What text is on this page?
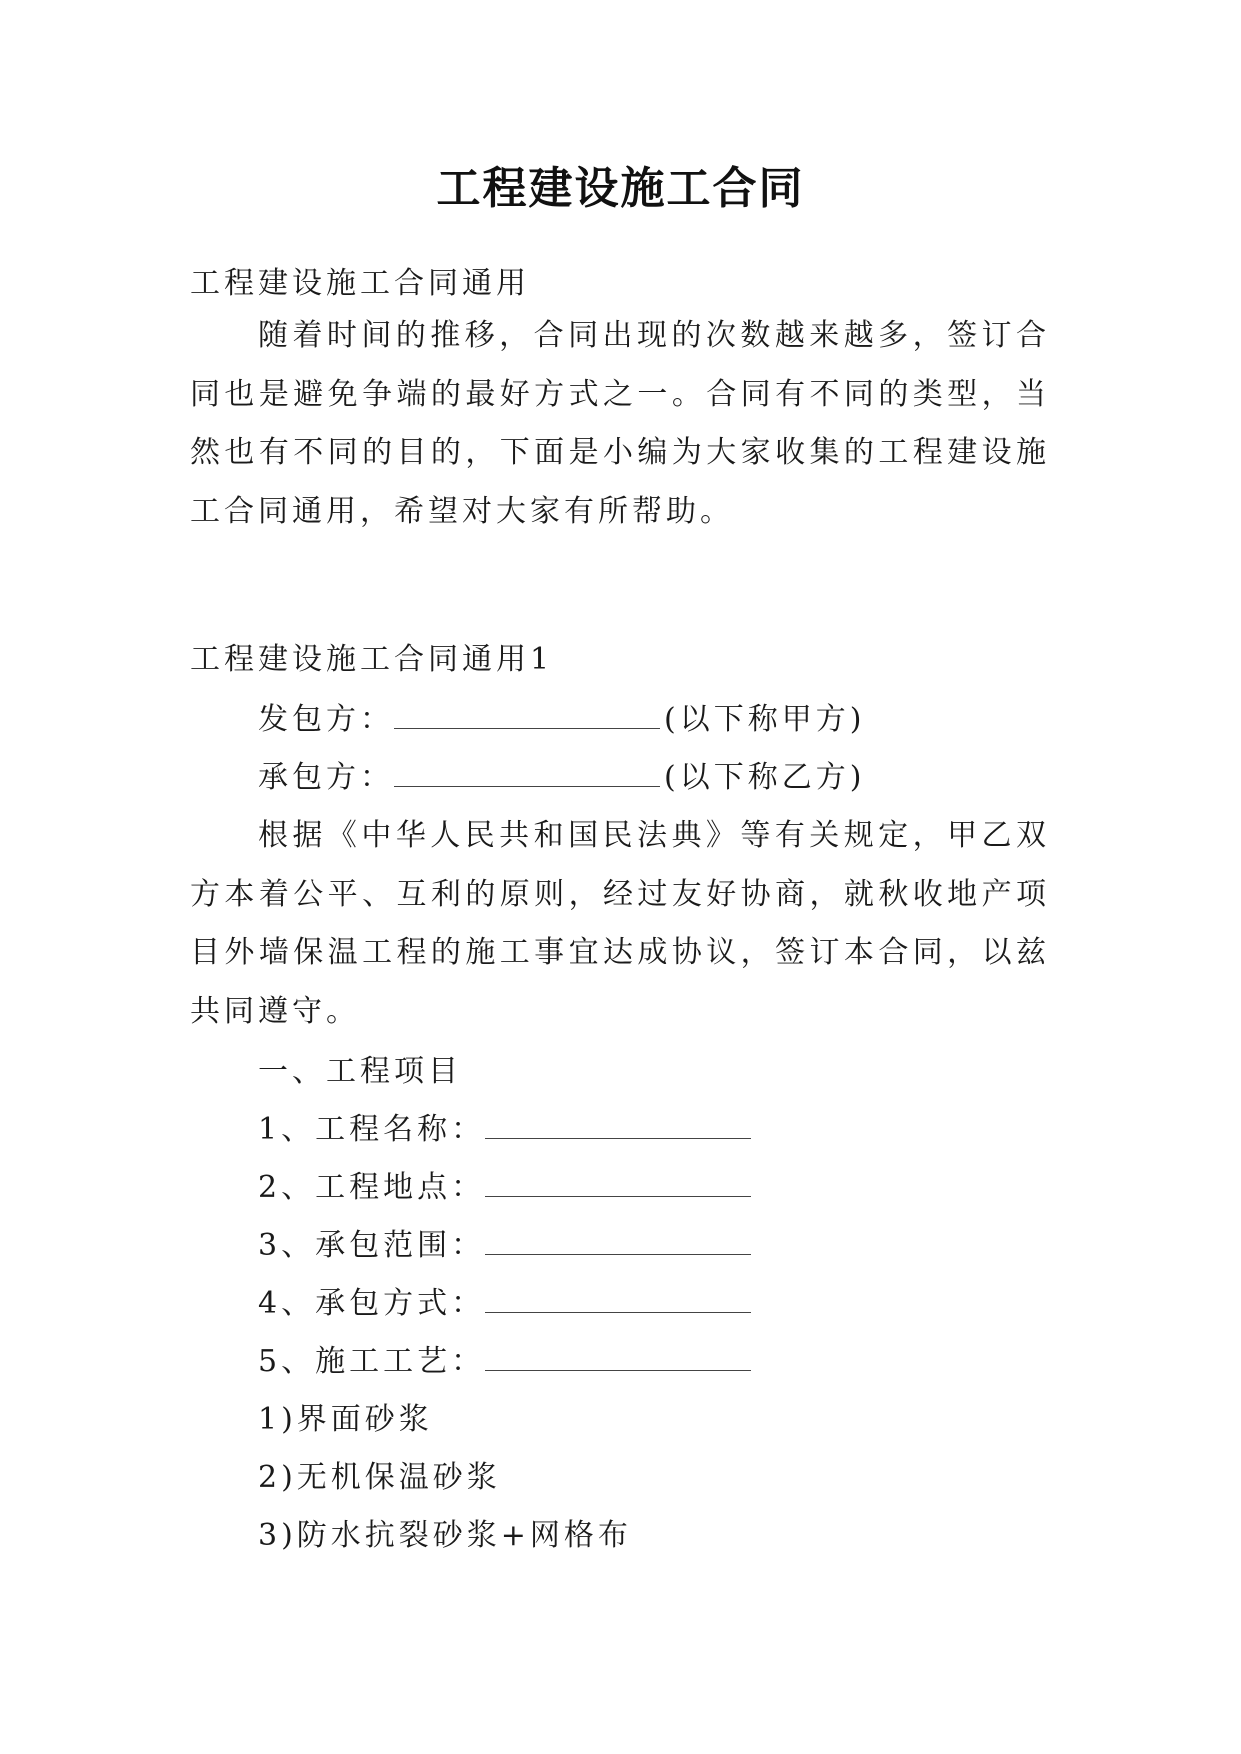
工程建设施工合同
工程建设施工合同通用

随着时间的推移，合同出现的次数越来越多，签订合同也是避免争端的最好方式之一。合同有不同的类型，当然也有不同的目的，下面是小编为大家收集的工程建设施工合同通用，希望对大家有所帮助。

工程建设施工合同通用1
发包方：	(以下称甲方)
承包方：	(以下称乙方)

根据《中华人民共和国民法典》等有关规定，甲乙双方本着公平、互利的原则，经过友好协商，就秋收地产项目外墙保温工程的施工事宜达成协议，签订本合同，以兹共同遵守。

一、工程项目
1、工程名称：
2、工程地点：
3、承包范围：
4、承包方式：
5、施工工艺：
1)界面砂浆
2)无机保温砂浆
3)防水抗裂砂浆+网格布
